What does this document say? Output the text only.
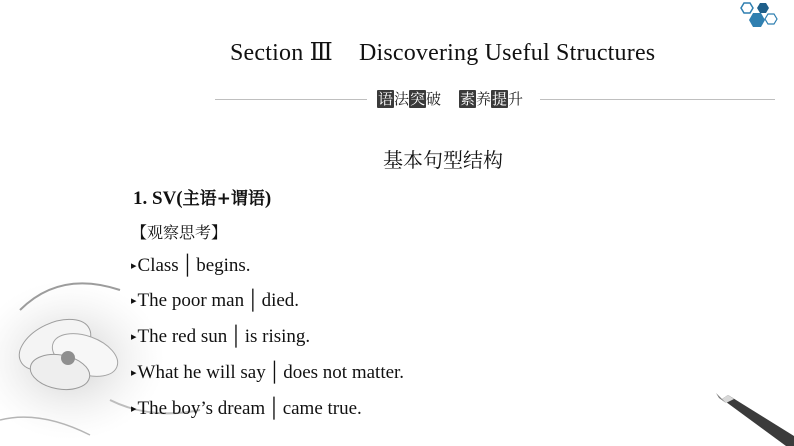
Section Ⅲ Discovering Useful Structures
语法突破 素养提升
基本句型结构
1. SV(主语+谓语)
【观察思考】
▸Class │ begins.
▸The poor man │ died.
▸The red sun │ is rising.
▸What he will say │ does not matter.
▸The boy’s dream │ came true.
